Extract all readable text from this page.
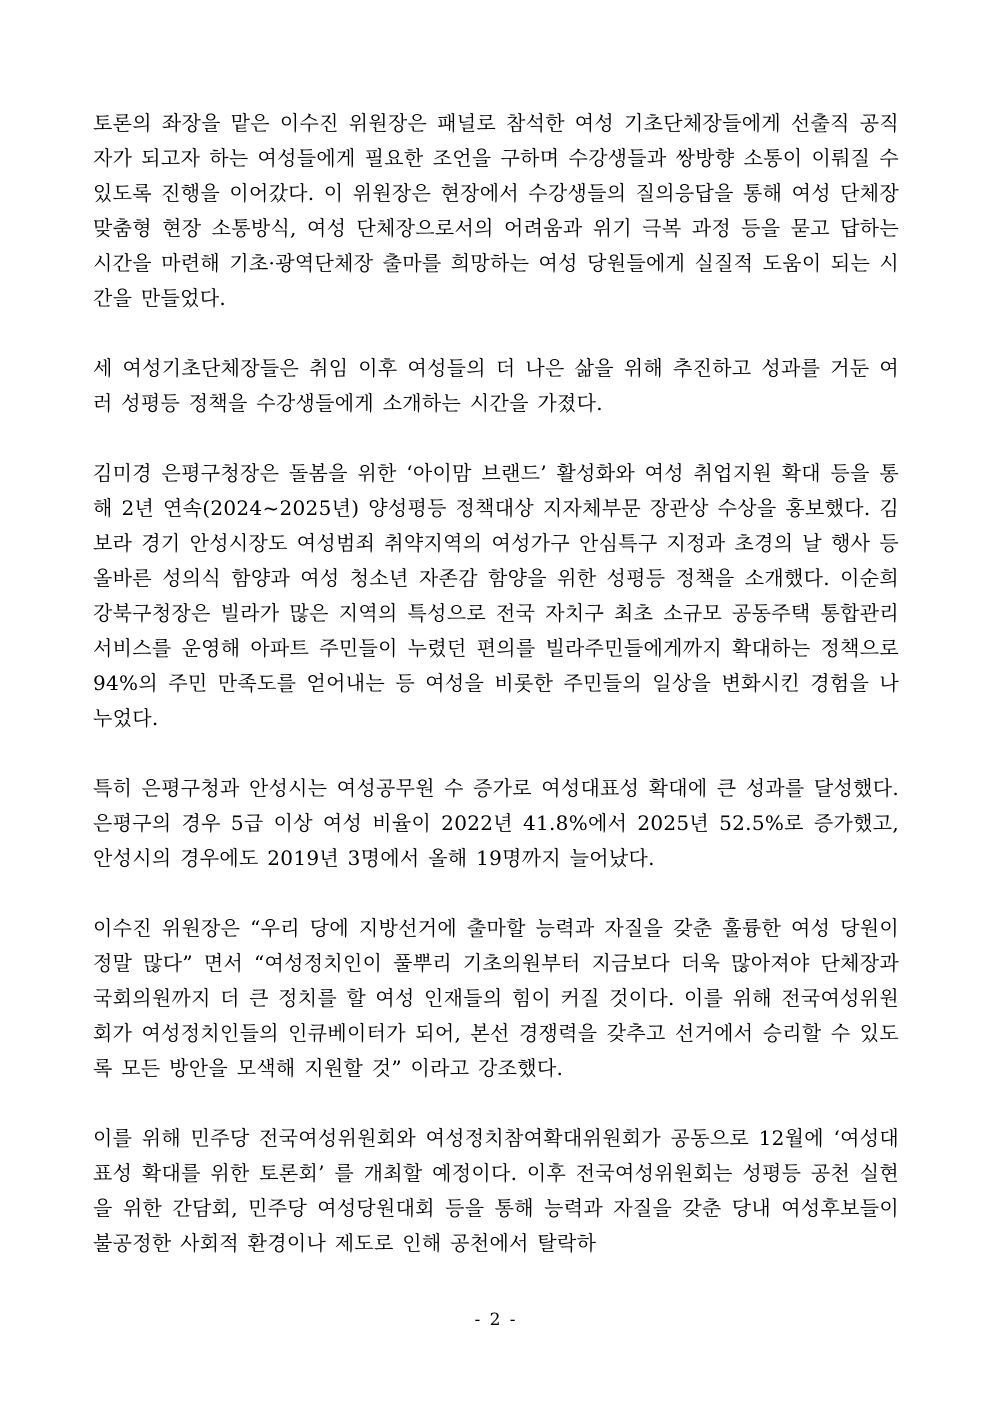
토론의 좌장을 맡은 이수진 위원장은 패널로 참석한 여성 기초단체장들에게 선출직 공직자가 되고자 하는 여성들에게 필요한 조언을 구하며 수강생들과 쌍방향 소통이 이뤄질 수 있도록 진행을 이어갔다. 이 위원장은 현장에서 수강생들의 질의응답을 통해 여성 단체장 맞춤형 현장 소통방식, 여성 단체장으로서의 어려움과 위기 극복 과정 등을 묻고 답하는 시간을 마련해 기초·광역단체장 출마를 희망하는 여성 당원들에게 실질적 도움이 되는 시간을 만들었다.

세 여성기초단체장들은 취임 이후 여성들의 더 나은 삶을 위해 추진하고 성과를 거둔 여러 성평등 정책을 수강생들에게 소개하는 시간을 가졌다.

김미경 은평구청장은 돌봄을 위한 ‘아이맘 브랜드’ 활성화와 여성 취업지원 확대 등을 통해 2년 연속(2024~2025년) 양성평등 정책대상 지자체부문 장관상 수상을 홍보했다. 김보라 경기 안성시장도 여성범죄 취약지역의 여성가구 안심특구 지정과 초경의 날 행사 등 올바른 성의식 함양과 여성 청소년 자존감 함양을 위한 성평등 정책을 소개했다. 이순희 강북구청장은 빌라가 많은 지역의 특성으로 전국 자치구 최초 소규모 공동주택 통합관리 서비스를 운영해 아파트 주민들이 누렸던 편의를 빌라주민들에게까지 확대하는 정책으로 94%의 주민 만족도를 얻어내는 등 여성을 비롯한 주민들의 일상을 변화시킨 경험을 나누었다.

특히 은평구청과 안성시는 여성공무원 수 증가로 여성대표성 확대에 큰 성과를 달성했다. 은평구의 경우 5급 이상 여성 비율이 2022년 41.8%에서 2025년 52.5%로 증가했고, 안성시의 경우에도 2019년 3명에서 올해 19명까지 늘어났다.

이수진 위원장은 “우리 당에 지방선거에 출마할 능력과 자질을 갖춘 훌륭한 여성 당원이 정말 많다” 면서 “여성정치인이 풀뿌리 기초의원부터 지금보다 더욱 많아져야 단체장과 국회의원까지 더 큰 정치를 할 여성 인재들의 힘이 커질 것이다. 이를 위해 전국여성위원회가 여성정치인들의 인큐베이터가 되어, 본선 경쟁력을 갖추고 선거에서 승리할 수 있도록 모든 방안을 모색해 지원할 것” 이라고 강조했다.

이를 위해 민주당 전국여성위원회와 여성정치참여확대위원회가 공동으로 12월에 ‘여성대표성 확대를 위한 토론회’ 를 개최할 예정이다. 이후 전국여성위원회는 성평등 공천 실현을 위한 간담회, 민주당 여성당원대회 등을 통해 능력과 자질을 갖춘 당내 여성후보들이 불공정한 사회적 환경이나 제도로 인해 공천에서 탈락하

- 2 -
